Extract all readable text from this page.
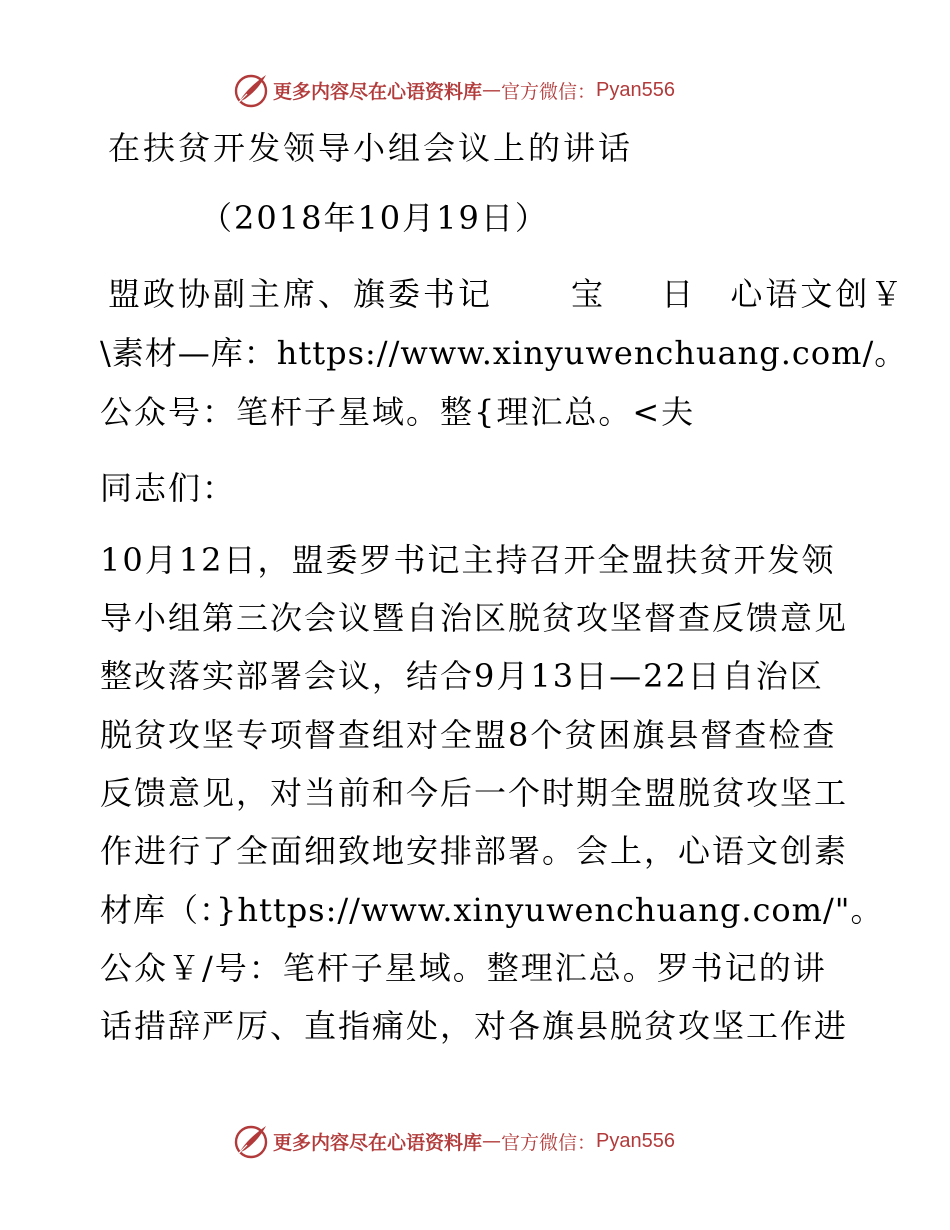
更多内容尽在心语资料库 — 官方微信： Pyan556
在扶贫开发领导小组会议上的讲话
（2018年10月19日）
盟政协副主席、旗委书记 宝 日 心语文创￥
\素材—库：https://www.xinyuwenchuang.com/。
公众号：笔杆子星域。整{理汇总。<夫
同志们：
10月12日，盟委罗书记主持召开全盟扶贫开发领
导小组第三次会议暨自治区脱贫攻坚督查反馈意见
整改落实部署会议，结合9月13日—22日自治区
脱贫攻坚专项督查组对全盟8个贫困旗县督查检查
反馈意见，对当前和今后一个时期全盟脱贫攻坚工
作进行了全面细致地安排部署。会上，心语文创素
材库（：}https://www.xinyuwenchuang.com/"。
公众￥/号：笔杆子星域。整理汇总。罗书记的讲
话措辞严厉、直指痛处，对各旗县脱贫攻坚工作进
更多内容尽在心语资料库 — 官方微信： Pyan556
